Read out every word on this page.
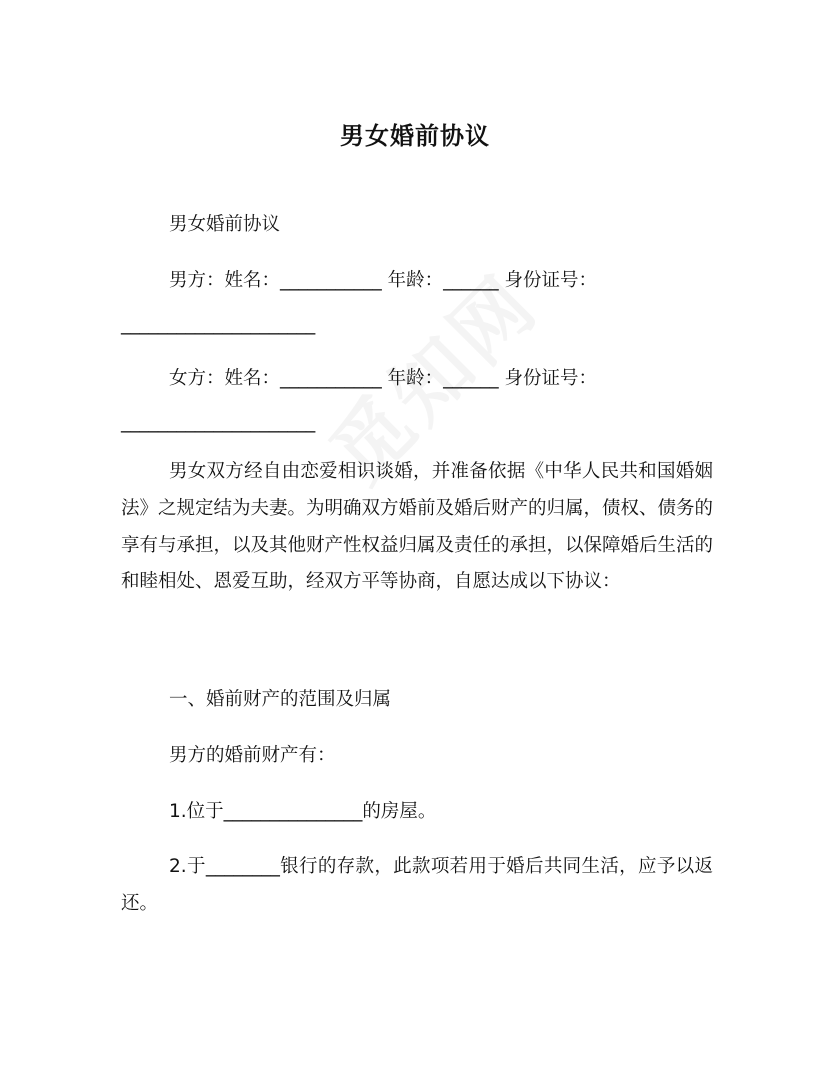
男女婚前协议
男女婚前协议
男方：姓名：___________ 年龄：______ 身份证号：
_____________________
女方：姓名：___________ 年龄：______ 身份证号：
_____________________
男女双方经自由恋爱相识谈婚，并准备依据《中华人民共和国婚姻法》之规定结为夫妻。为明确双方婚前及婚后财产的归属，债权、债务的享有与承担，以及其他财产性权益归属及责任的承担，以保障婚后生活的和睦相处、恩爱互助，经双方平等协商，自愿达成以下协议：
一、婚前财产的范围及归属
男方的婚前财产有：
1.位于_______________的房屋。
2.于________银行的存款，此款项若用于婚后共同生活，应予以返还。
